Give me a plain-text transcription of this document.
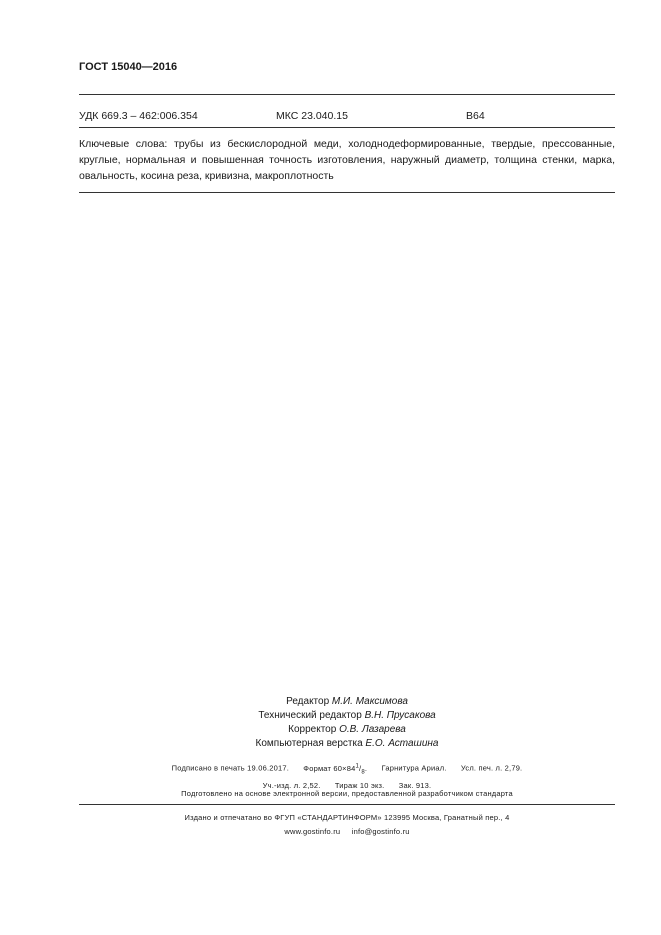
ГОСТ 15040—2016
УДК 669.3 – 462:006.354	МКС 23.040.15	B64
Ключевые слова: трубы из бескислородной меди, холоднодеформированные, твердые, прессованные, круглые, нормальная и повышенная точность изготовления, наружный диаметр, толщина стенки, марка, овальность, косина реза, кривизна, макроплотность
Редактор М.И. Максимова
Технический редактор В.Н. Прусакова
Корректор О.В. Лазарева
Компьютерная верстка Е.О. Асташина
Подписано в печать 19.06.2017. Формат $60\times 84^1/_8$. Гарнитура Ариал. Усл. печ. л. 2,79.
Уч.-изд. л. 2,52. Тираж 10 экз. Зак. 913.
Подготовлено на основе электронной версии, предоставленной разработчиком стандарта
Издано и отпечатано во ФГУП «СТАНДАРТИНФОРМ» 123995 Москва, Гранатный пер., 4
www.gostinfo.ru info@gostinfo.ru
